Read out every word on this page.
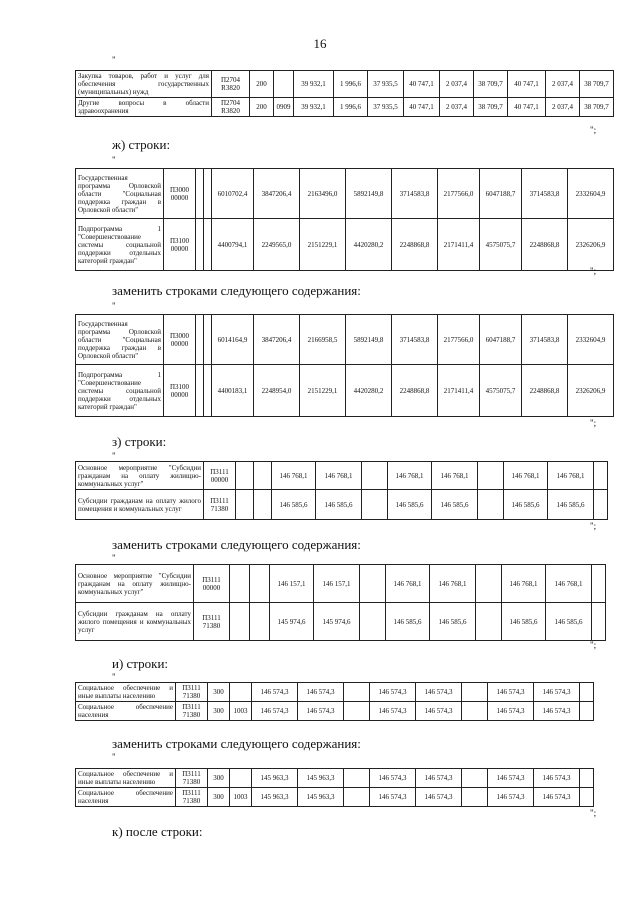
16
"
Закупка товаров, работ и услуг для обеспечения государственных (муниципальных) нужд	П2704 R3820	200		39 932,1	1 996,6	37 935,5	40 747,1	2 037,4	38 709,7	40 747,1	2 037,4	38 709,7
Другие вопросы в области здравоохранения	П2704 R3820	200	0909	39 932,1	1 996,6	37 935,5	40 747,1	2 037,4	38 709,7	40 747,1	2 037,4	38 709,7
";
ж) строки:
"
Государственная программа Орловской области "Социальная поддержка граждан в Орловской области"	П3000 00000			6010702,4	3847206,4	2163496,0	5892149,8	3714583,8	2177566,0	6047188,7	3714583,8	2332604,9
Подпрограмма 1 "Совершенствование системы социальной поддержки отдельных категорий граждан"	П3100 00000			4400794,1	2249565,0	2151229,1	4420280,2	2248868,8	2171411,4	4575075,7	2248868,8	2326206,9
";
заменить строками следующего содержания:
"
Государственная программа Орловской области "Социальная поддержка граждан в Орловской области"	П3000 00000			6014164,9	3847206,4	2166958,5	5892149,8	3714583,8	2177566,0	6047188,7	3714583,8	2332604,9
Подпрограмма 1 "Совершенствование системы социальной поддержки отдельных категорий граждан"	П3100 00000			4400183,1	2248954,0	2151229,1	4420280,2	2248868,8	2171411,4	4575075,7	2248868,8	2326206,9
";
з) строки:
"
Основное мероприятие "Субсидии гражданам на оплату жилищно-коммунальных услуг"	П3111 00000			146 768,1	146 768,1		146 768,1	146 768,1		146 768,1	146 768,1	
Субсидии гражданам на оплату жилого помещения и коммунальных услуг	П3111 71380			146 585,6	146 585,6		146 585,6	146 585,6		146 585,6	146 585,6	
";
заменить строками следующего содержания:
"
Основное мероприятие "Субсидии гражданам на оплату жилищно-коммунальных услуг"	П3111 00000			146 157,1	146 157,1		146 768,1	146 768,1		146 768,1	146 768,1	
Субсидии гражданам на оплату жилого помещения и коммунальных услуг	П3111 71380			145 974,6	145 974,6		146 585,6	146 585,6		146 585,6	146 585,6	
";
и) строки:
"
Социальное обеспечение и иные выплаты населению	П3111 71380	300		146 574,3	146 574,3		146 574,3	146 574,3		146 574,3	146 574,3	
Социальное обеспечение населения	П3111 71380	300	1003	146 574,3	146 574,3		146 574,3	146 574,3		146 574,3	146 574,3	
заменить строками следующего содержания:
"
Социальное обеспечение и иные выплаты населению	П3111 71380	300		145 963,3	145 963,3		146 574,3	146 574,3		146 574,3	146 574,3	
Социальное обеспечение населения	П3111 71380	300	1003	145 963,3	145 963,3		146 574,3	146 574,3		146 574,3	146 574,3	
";
к) после строки:
